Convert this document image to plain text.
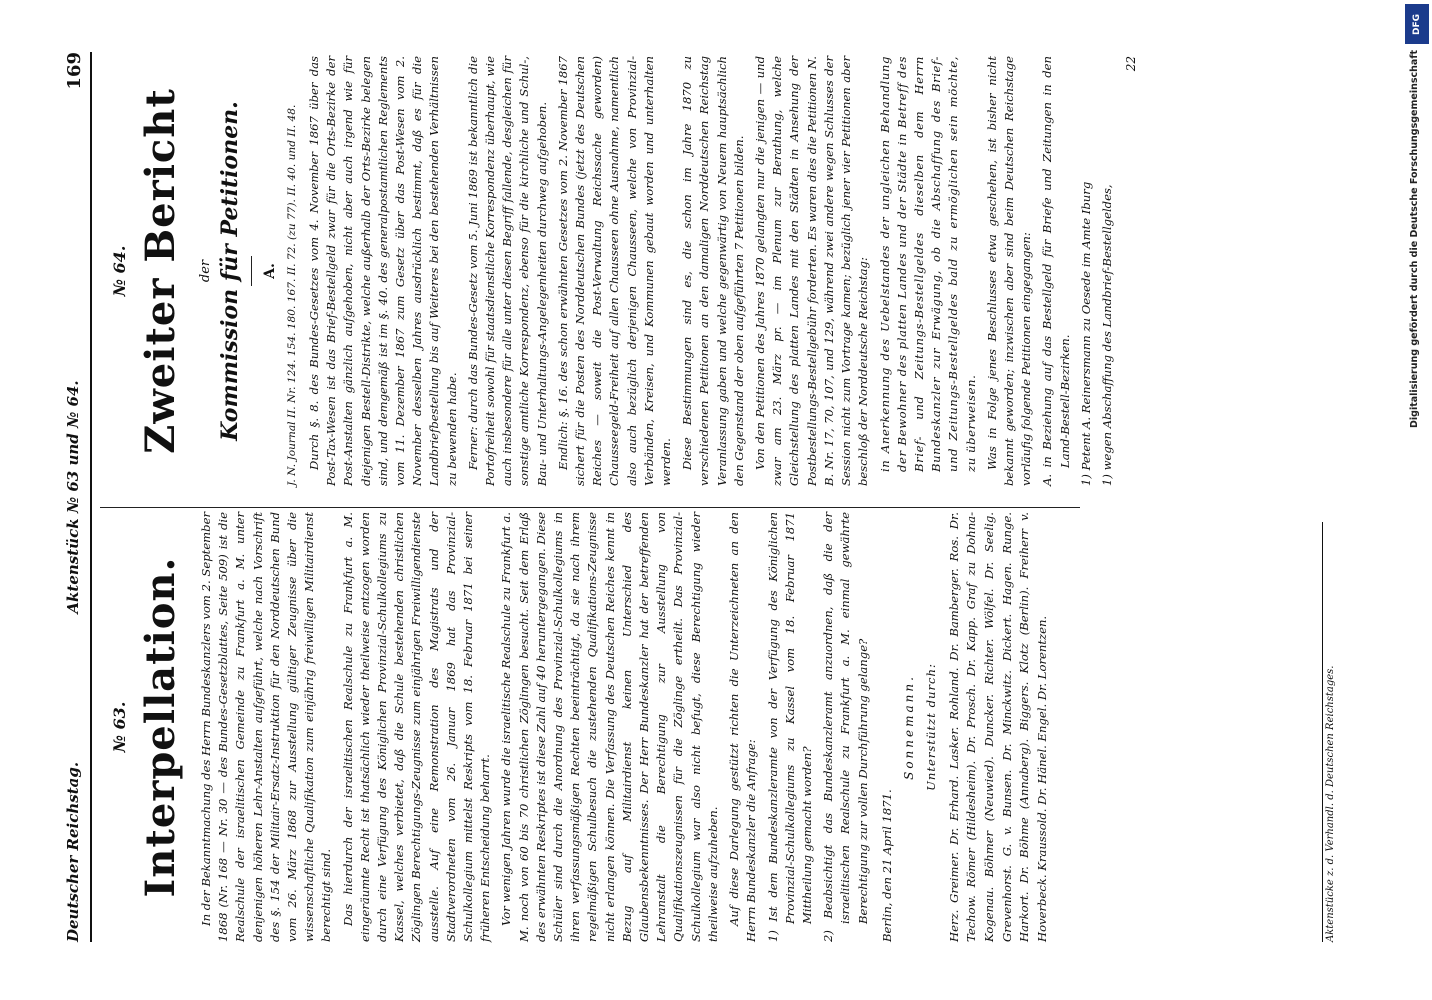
Deutscher Reichstag.
Aktenstück № 63 und № 64.
169
№ 63. Interpellation. In der Bekanntmachung des Herrn Bundeskanzlers vom 2. September 1868 (Nr. 168 — Nr. 30 — des Bundes-Gesetzblattes, Seite 509) ist die Realschule der israelitischen Gemeinde zu Frankfurt a. M. unter denjenigen höheren Lehr-Anstalten aufgeführt, welche nach Vorschrift des §. 154 der Militair-Ersatz-Instruktion für den Norddeutschen Bund vom 26. März 1868 zur Ausstellung gültiger Zeugnisse über die wissenschaftliche Qualifikation zum einjährig freiwilligen Militairdienst berechtigt sind. Das hierdurch der israelitischen Realschule zu Frankfurt a. M. eingeräumte Recht ist thatsächlich wieder theilweise entzogen worden durch eine Verfügung des Königlichen Provinzial-Schulkollegiums zu Kassel, welches verbietet, daß die Schule bestehenden christlichen Zöglingen Berechtigungs-Zeugnisse zum einjährigen Freiwilligendienste ausstelle. Auf eine Remonstration des Magistrats und der Stadtverordneten vom 26. Januar 1869 hat das Provinzial-Schulkollegium mittelst Reskripts vom 18. Februar 1871 bei seiner früheren Entscheidung beharrt. Vor wenigen Jahren wurde die israelitische Realschule zu Frankfurt a. M. noch von 60 bis 70 christlichen Zöglingen besucht. Seit dem Erlaß des erwähnten Reskriptes ist diese Zahl auf 40 heruntergegangen. Diese Schüler sind durch die Anordnung des Provinzial-Schulkollegiums in ihren verfassungsmäßigen Rechten beeinträchtigt, da sie nach ihrem regelmäßigen Schulbesuch die zustehenden Qualifikations-Zeugnisse nicht erlangen können. Die Verfassung des Deutschen Reiches kennt in Bezug auf Militairdienst keinen Unterschied des Glaubensbekenntnisses. Der Herr Bundeskanzler hat der betreffenden Lehranstalt die Berechtigung zur Ausstellung von Qualifikationszeugnissen für die Zöglinge ertheilt. Das Provinzial-Schulkollegium war also nicht befugt, diese Berechtigung wieder theilweise aufzuheben. Auf diese Darlegung gestützt richten die Unterzeichneten an den Herrn Bundeskanzler die Anfrage: 1) Ist dem Bundeskanzleramte von der Verfügung des Königlichen Provinzial-Schulkollegiums zu Kassel vom 18. Februar 1871 Mittheilung gemacht worden? 2) Beabsichtigt das Bundeskanzleramt anzuordnen, daß die der israelitischen Realschule zu Frankfurt a. M. einmal gewährte Berechtigung zur vollen Durchführung gelange? Berlin, den 21 April 1871.

Sonnemann. Unterstützt durch: Herz. Greimer. Dr. Erhard. Lasker. Rohland. Dr. Bamberger. Ros. Dr. Techow. Römer (Hildesheim). Dr. Prosch. Dr. Kapp. Graf zu Dohna-Kogenau. Böhmer (Neuwied). Duncker. Richter. Wölfel. Dr. Seelig. Grevenhorst. G. v. Bunsen. Dr. Minckwitz. Dickert. Hagen. Runge. Harkort. Dr. Böhme (Annaberg). Biggers. Klotz (Berlin). Freiherr v. Hoverbeck. Kraussold. Dr. Hänel. Engel. Dr. Lorentzen.

№ 64. Zweiter Bericht der Kommission für Petitionen. A. J. N. Journal II. Nr. 124. 154. 180. 167. II. 72. (zu 77). II. 40. und II. 48. Durch §. 8. des Bundes-Gesetzes vom 4. November 1867 über das Post-Tax-Wesen ist das Brief-Bestellgeld zwar für die Orts-Bezirke der Post-Anstalten gänzlich aufgehoben, nicht aber auch irgend wie für diejenigen Bestell-Distrikte, welche außerhalb der Orts-Bezirke belegen sind, und demgemäß ist im §. 40. des generalpostamtlichen Reglements vom 11. Dezember 1867 zum Gesetz über das Post-Wesen vom 2. November desselben Jahres ausdrücklich bestimmt, daß es für die Landbriefbestellung bis auf Weiteres bei den bestehenden Verhältnissen zu bewenden habe. Ferner: durch das Bundes-Gesetz vom 5. Juni 1869 ist bekanntlich die Portofreiheit sowohl für staatsdienstliche Korrespondenz überhaupt, wie auch insbesondere für alle unter diesen Begriff fallende, desgleichen für sonstige amtliche Korrespondenz, ebenso für die kirchliche und Schul-, Bau- und Unterhaltungs-Angelegenheiten durchweg aufgehoben. Endlich: §. 16. des schon erwähnten Gesetzes vom 2. November 1867 sichert für die Posten des Norddeutschen Bundes (jetzt des Deutschen Reiches — soweit die Post-Verwaltung Reichssache geworden) Chausseegeld-Freiheit auf allen Chausseen ohne Ausnahme, namentlich also auch bezüglich derjenigen Chausseen, welche von Provinzial-Verbänden, Kreisen, und Kommunen gebaut worden und unterhalten werden. Diese Bestimmungen sind es, die schon im Jahre 1870 zu verschiedenen Petitionen an den damaligen Norddeutschen Reichstag Veranlassung gaben und welche gegenwärtig von Neuem hauptsächlich den Gegenstand der oben aufgeführten 7 Petitionen bilden. Von den Petitionen des Jahres 1870 gelangten nur die jenigen — und zwar am 23. März pr. — im Plenum zur Berathung, welche Gleichstellung des platten Landes mit den Städten in Ansehung der Postbestellungs-Bestellgebühr forderten. Es waren dies die Petitionen N. B. Nr. 17, 70, 107, und 129, während zwei andere wegen Schlusses der Session nicht zum Vortrage kamen; bezüglich jener vier Petitionen aber beschloß der Norddeutsche Reichstag: in Anerkennung des Uebelstandes der ungleichen Behandlung der Bewohner des platten Landes und der Städte in Betreff des Brief- und Zeitungs-Bestellgeldes dieselben dem Herrn Bundeskanzler zur Erwägung, ob die Abschaffung des Brief- und Zeitungs-Bestellgeldes bald zu ermöglichen sein möchte, zu überweisen. Was in Folge jenes Beschlusses etwa geschehen, ist bisher nicht bekannt geworden; inzwischen aber sind beim Deutschen Reichstage vorläufig folgende Petitionen eingegangen: A. in Beziehung auf das Bestellgeld für Briefe und Zeitungen in den Land-Bestell-Bezirken. 1) Petent A. Reinersmann zu Oesede im Amte Iburg 1) wegen Abschaffung des Landbrief-Bestellgeldes,

22
Aktenstücke z. d. Verhandl. d. Deutschen Reichstages.
DFG
Digitalisierung gefördert durch die Deutsche Forschungsgemeinschaft
